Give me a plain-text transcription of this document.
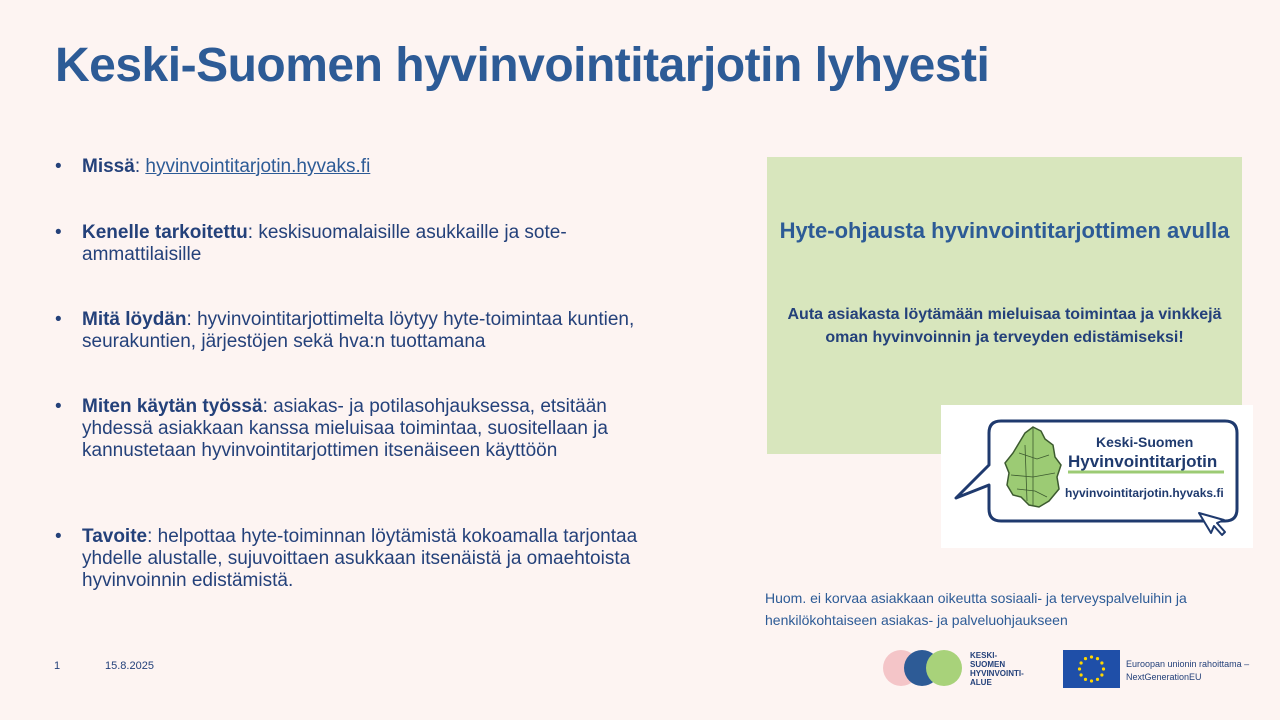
Keski-Suomen hyvinvointitarjotin lyhyesti
• Missä: hyvinvointitarjotin.hyvaks.fi
• Kenelle tarkoitettu: keskisuomalaisille asukkaille ja sote-ammattilaisille
• Mitä löydän: hyvinvointitarjottimelta löytyy hyte-toimintaa kuntien, seurakuntien, järjestöjen sekä hva:n tuottamana
• Miten käytän työssä: asiakas- ja potilasohjauksessa, etsitään yhdessä asiakkaan kanssa mieluisaa toimintaa, suositellaan ja kannustetaan hyvinvointitarjottimen itsenäiseen käyttöön
• Tavoite: helpottaa hyte-toiminnan löytämistä kokoamalla tarjontaa yhdelle alustalle, sujuvoittaen asukkaan itsenäistä ja omaehtoista hyvinvoinnin edistämistä.
Hyte-ohjausta hyvinvointitarjottimen avulla
Auta asiakasta löytämään mieluisaa toimintaa ja vinkkejä oman hyvinvoinnin ja terveyden edistämiseksi!
Keski-Suomen
Hyvinvointitarjotin
hyvinvointitarjotin.hyvaks.fi
Huom. ei korvaa asiakkaan oikeutta sosiaali- ja terveyspalveluihin ja henkilökohtaiseen asiakas- ja palveluohjaukseen
1	15.8.2025
KESKI-
SUOMEN
HYVINVOINTI-
ALUE
Euroopan unionin rahoittama –
NextGenerationEU
